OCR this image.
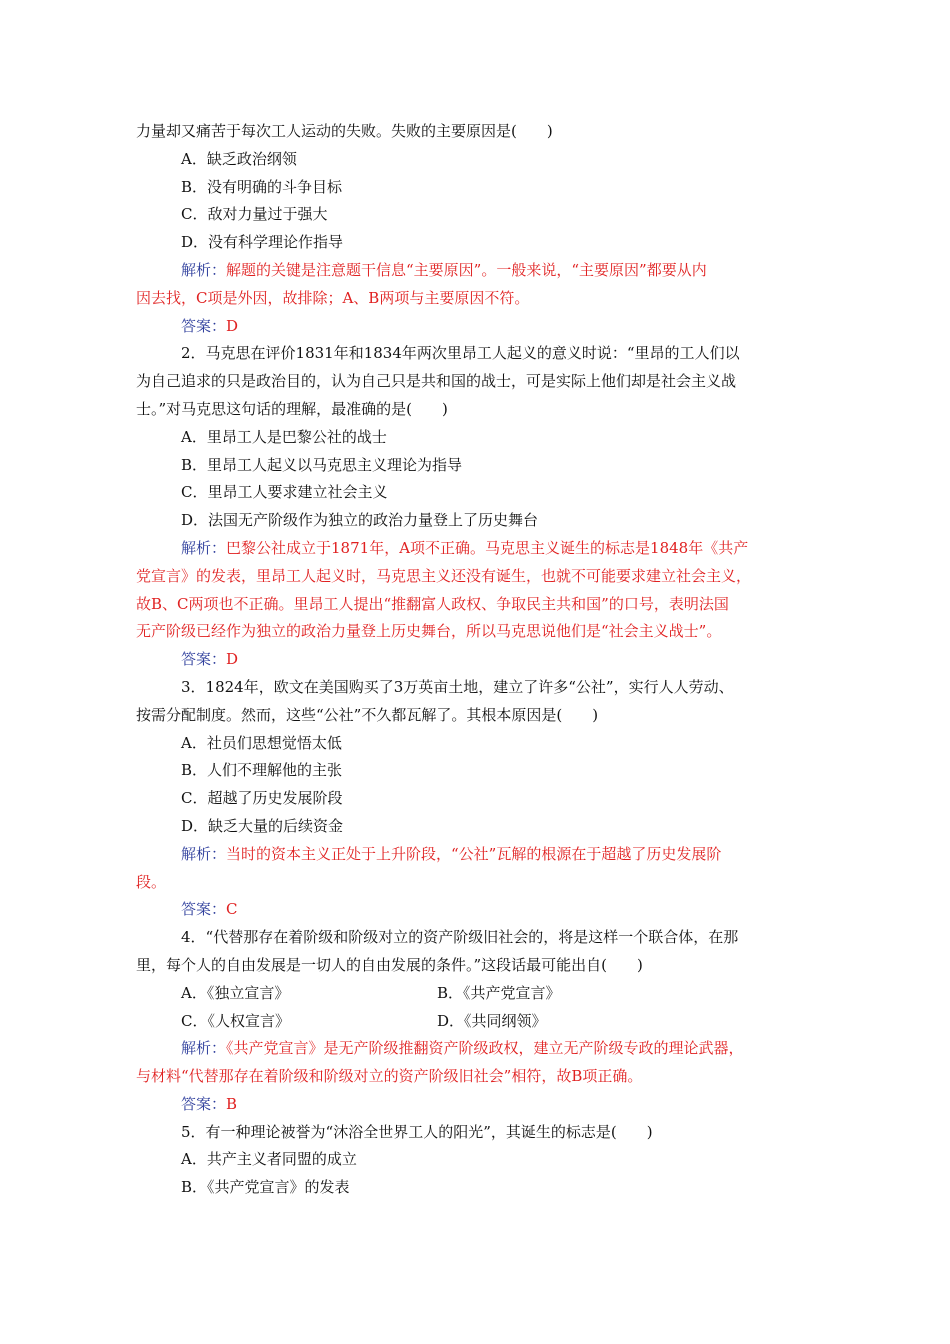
力量却又痛苦于每次工人运动的失败。失败的主要原因是(　　)
A．缺乏政治纲领
B．没有明确的斗争目标
C．敌对力量过于强大
D．没有科学理论作指导
解析：解题的关键是注意题干信息“主要原因”。一般来说，“主要原因”都要从内
因去找，C项是外因，故排除；A、B两项与主要原因不符。
答案：D
2．马克思在评价1831年和1834年两次里昂工人起义的意义时说：“里昂的工人们以
为自己追求的只是政治目的，认为自己只是共和国的战士，可是实际上他们却是社会主义战
士。”对马克思这句话的理解，最准确的是(　　)
A．里昂工人是巴黎公社的战士
B．里昂工人起义以马克思主义理论为指导
C．里昂工人要求建立社会主义
D．法国无产阶级作为独立的政治力量登上了历史舞台
解析：巴黎公社成立于1871年，A项不正确。马克思主义诞生的标志是1848年《共产
党宣言》的发表，里昂工人起义时，马克思主义还没有诞生，也就不可能要求建立社会主义，
故B、C两项也不正确。里昂工人提出“推翻富人政权、争取民主共和国”的口号，表明法国
无产阶级已经作为独立的政治力量登上历史舞台，所以马克思说他们是“社会主义战士”。
答案：D
3．1824年，欧文在美国购买了3万英亩土地，建立了许多“公社”，实行人人劳动、
按需分配制度。然而，这些“公社”不久都瓦解了。其根本原因是(　　)
A．社员们思想觉悟太低
B．人们不理解他的主张
C．超越了历史发展阶段
D．缺乏大量的后续资金
解析：当时的资本主义正处于上升阶段，“公社”瓦解的根源在于超越了历史发展阶
段。
答案：C
4．“代替那存在着阶级和阶级对立的资产阶级旧社会的，将是这样一个联合体，在那
里，每个人的自由发展是一切人的自由发展的条件。”这段话最可能出自(　　)
A．《独立宣言》	B．《共产党宣言》
C．《人权宣言》	D．《共同纲领》
解析：《共产党宣言》是无产阶级推翻资产阶级政权，建立无产阶级专政的理论武器，
与材料“代替那存在着阶级和阶级对立的资产阶级旧社会”相符，故B项正确。
答案：B
5．有一种理论被誉为“沐浴全世界工人的阳光”，其诞生的标志是(　　)
A．共产主义者同盟的成立
B．《共产党宣言》的发表
